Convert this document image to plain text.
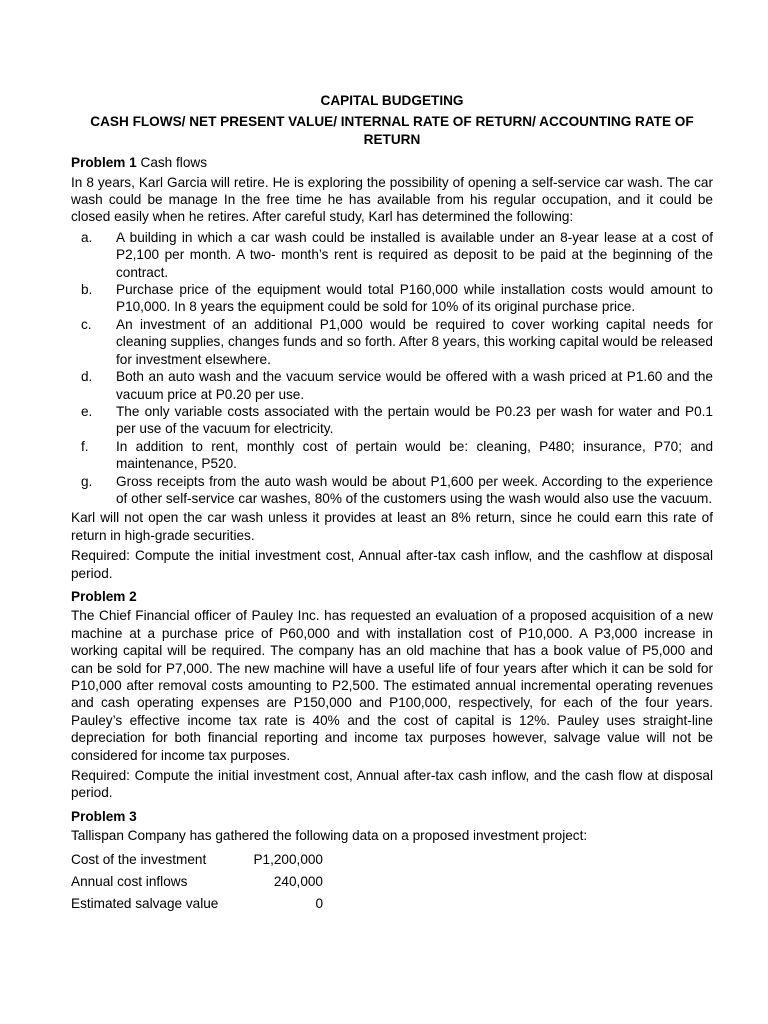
CAPITAL BUDGETING
CASH FLOWS/ NET PRESENT VALUE/ INTERNAL RATE OF RETURN/ ACCOUNTING RATE OF RETURN
Problem 1 Cash flows

In 8 years, Karl Garcia will retire. He is exploring the possibility of opening a self-service car wash. The car wash could be manage In the free time he has available from his regular occupation, and it could be closed easily when he retires. After careful study, Karl has determined the following:

a. A building in which a car wash could be installed is available under an 8-year lease at a cost of P2,100 per month. A two- month’s rent is required as deposit to be paid at the beginning of the contract.
b. Purchase price of the equipment would total P160,000 while installation costs would amount to P10,000. In 8 years the equipment could be sold for 10% of its original purchase price.
c. An investment of an additional P1,000 would be required to cover working capital needs for cleaning supplies, changes funds and so forth. After 8 years, this working capital would be released for investment elsewhere.
d. Both an auto wash and the vacuum service would be offered with a wash priced at P1.60 and the vacuum price at P0.20 per use.
e. The only variable costs associated with the pertain would be P0.23 per wash for water and P0.1 per use of the vacuum for electricity.
f. In addition to rent, monthly cost of pertain would be: cleaning, P480; insurance, P70; and maintenance, P520.
g. Gross receipts from the auto wash would be about P1,600 per week. According to the experience of other self-service car washes, 80% of the customers using the wash would also use the vacuum.

Karl will not open the car wash unless it provides at least an 8% return, since he could earn this rate of return in high-grade securities.

Required: Compute the initial investment cost, Annual after-tax cash inflow, and the cashflow at disposal period.

Problem 2

The Chief Financial officer of Pauley Inc. has requested an evaluation of a proposed acquisition of a new machine at a purchase price of P60,000 and with installation cost of P10,000. A P3,000 increase in working capital will be required. The company has an old machine that has a book value of P5,000 and can be sold for P7,000. The new machine will have a useful life of four years after which it can be sold for P10,000 after removal costs amounting to P2,500. The estimated annual incremental operating revenues and cash operating expenses are P150,000 and P100,000, respectively, for each of the four years. Pauley’s effective income tax rate is 40% and the cost of capital is 12%. Pauley uses straight-line depreciation for both financial reporting and income tax purposes however, salvage value will not be considered for income tax purposes.

Required: Compute the initial investment cost, Annual after-tax cash inflow, and the cash flow at disposal period.

Problem 3

Tallispan Company has gathered the following data on a proposed investment project:

Cost of the investment	P1,200,000
Annual cost inflows	240,000
Estimated salvage value	0
